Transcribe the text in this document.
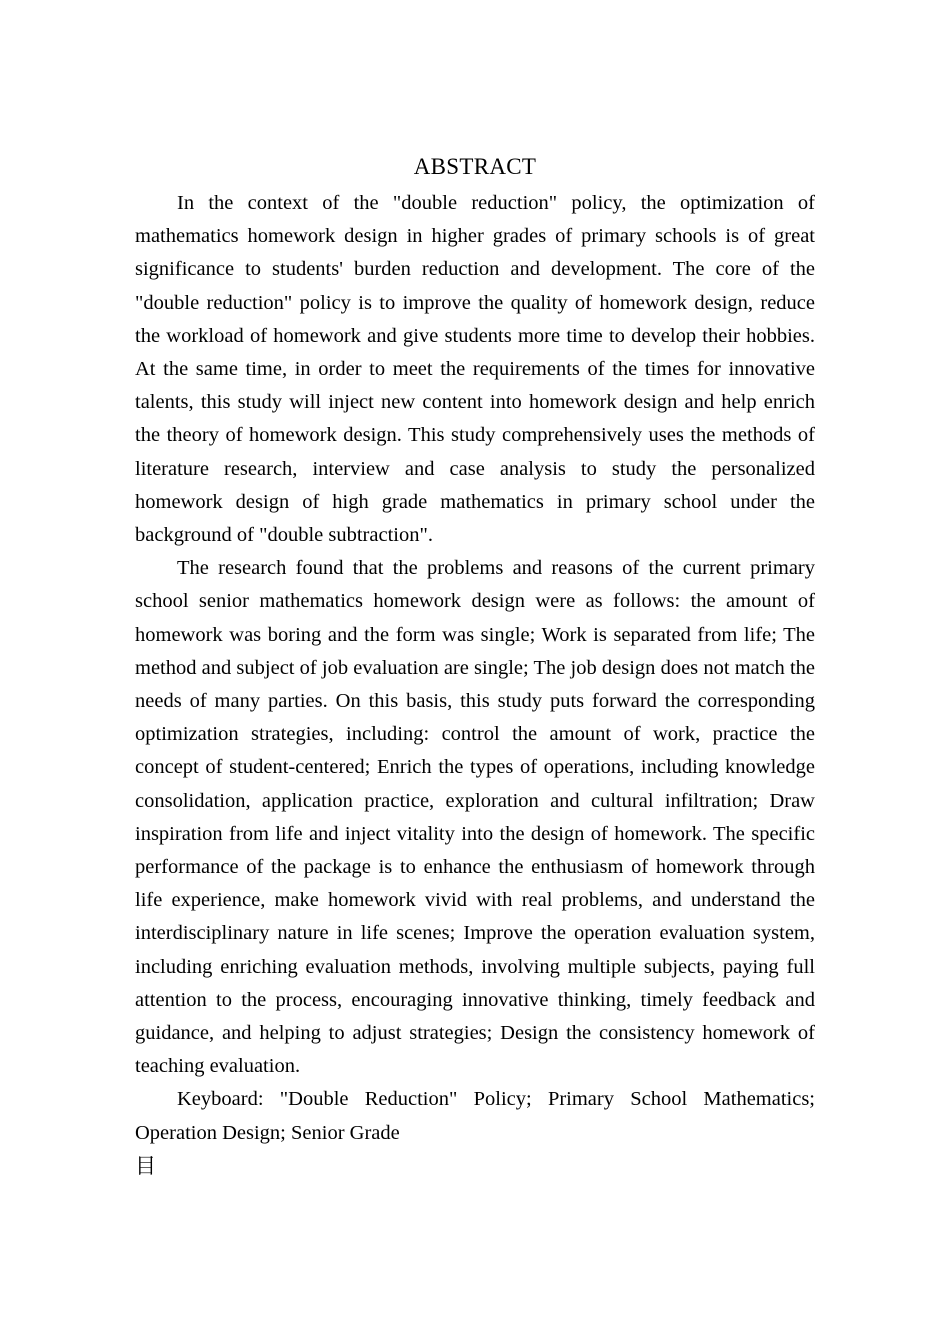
ABSTRACT

In the context of the "double reduction" policy, the optimization of mathematics homework design in higher grades of primary schools is of great significance to students' burden reduction and development. The core of the "double reduction" policy is to improve the quality of homework design, reduce the workload of homework and give students more time to develop their hobbies. At the same time, in order to meet the requirements of the times for innovative talents, this study will inject new content into homework design and help enrich the theory of homework design. This study comprehensively uses the methods of literature research, interview and case analysis to study the personalized homework design of high grade mathematics in primary school under the background of "double subtraction".

The research found that the problems and reasons of the current primary school senior mathematics homework design were as follows: the amount of homework was boring and the form was single; Work is separated from life; The method and subject of job evaluation are single; The job design does not match the needs of many parties. On this basis, this study puts forward the corresponding optimization strategies, including: control the amount of work, practice the concept of student-centered; Enrich the types of operations, including knowledge consolidation, application practice, exploration and cultural infiltration; Draw inspiration from life and inject vitality into the design of homework. The specific performance of the package is to enhance the enthusiasm of homework through life experience, make homework vivid with real problems, and understand the interdisciplinary nature in life scenes; Improve the operation evaluation system, including enriching evaluation methods, involving multiple subjects, paying full attention to the process, encouraging innovative thinking, timely feedback and guidance, and helping to adjust strategies; Design the consistency homework of teaching evaluation.

Keyboard: "Double Reduction" Policy; Primary School Mathematics; Operation Design; Senior Grade

目
